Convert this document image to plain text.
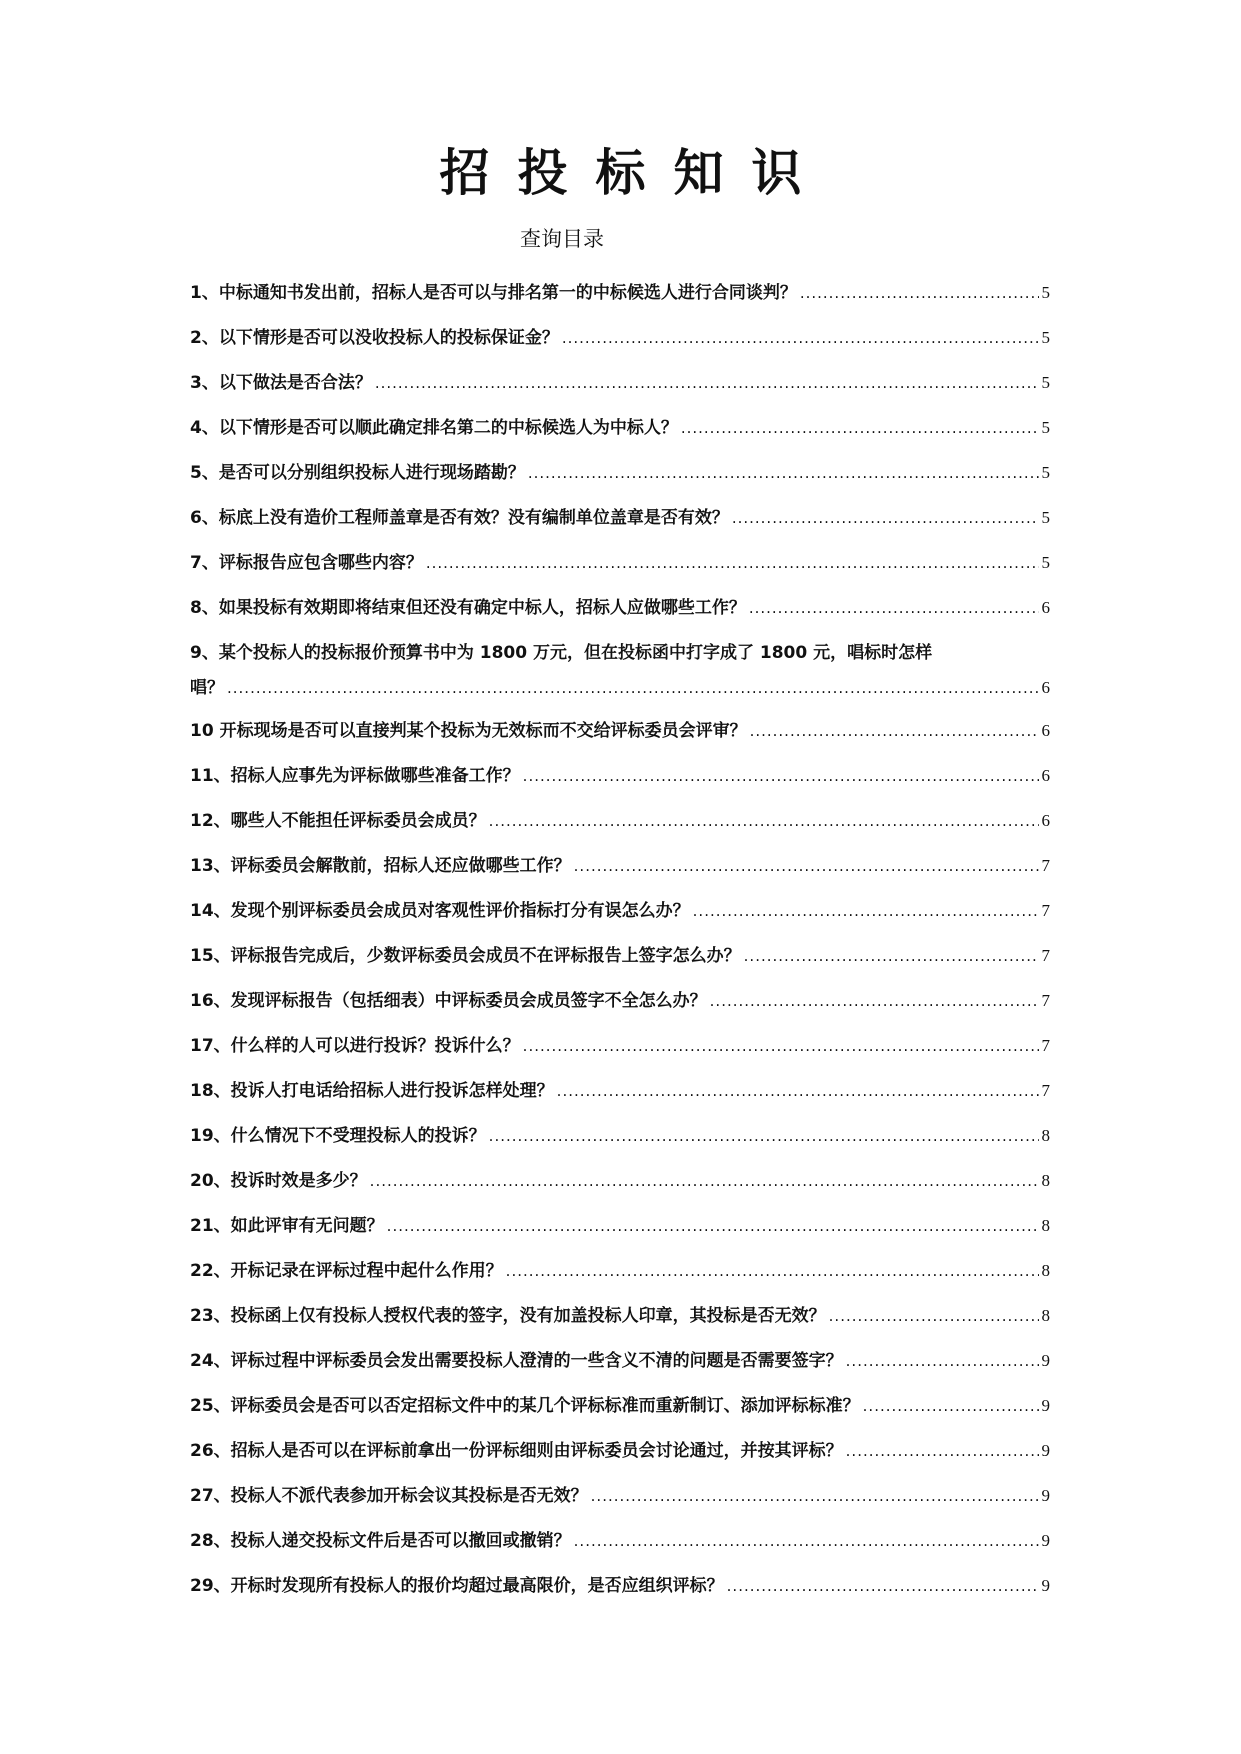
招投标知识
查询目录
1、中标通知书发出前，招标人是否可以与排名第一的中标候选人进行合同谈判？ .....	5
2、以下情形是否可以没收投标人的投标保证金？ .....	5
3、以下做法是否合法？ .....	5
4、以下情形是否可以顺此确定排名第二的中标候选人为中标人？ .....	5
5、是否可以分别组织投标人进行现场踏勘？ .....	5
6、标底上没有造价工程师盖章是否有效？没有编制单位盖章是否有效？ .....	5
7、评标报告应包含哪些内容？ .....	5
8、如果投标有效期即将结束但还没有确定中标人，招标人应做哪些工作？ .....	6
9、某个投标人的投标报价预算书中为 1800 万元，但在投标函中打字成了 1800 元，唱标时怎样
唱？ .....	6
10 开标现场是否可以直接判某个投标为无效标而不交给评标委员会评审？ .....	6
11、招标人应事先为评标做哪些准备工作？ .....	6
12、哪些人不能担任评标委员会成员？ .....	6
13、评标委员会解散前，招标人还应做哪些工作？ .....	7
14、发现个别评标委员会成员对客观性评价指标打分有误怎么办？ .....	7
15、评标报告完成后，少数评标委员会成员不在评标报告上签字怎么办？ .....	7
16、发现评标报告（包括细表）中评标委员会成员签字不全怎么办？ .....	7
17、什么样的人可以进行投诉？投诉什么？ .....	7
18、投诉人打电话给招标人进行投诉怎样处理？ .....	7
19、什么情况下不受理投标人的投诉？ .....	8
20、投诉时效是多少？ .....	8
21、如此评审有无问题？ .....	8
22、开标记录在评标过程中起什么作用？ .....	8
23、投标函上仅有投标人授权代表的签字，没有加盖投标人印章，其投标是否无效？ .....	8
24、评标过程中评标委员会发出需要投标人澄清的一些含义不清的问题是否需要签字？ .....	9
25、评标委员会是否可以否定招标文件中的某几个评标标准而重新制订、添加评标标准？ .....	9
26、招标人是否可以在评标前拿出一份评标细则由评标委员会讨论通过，并按其评标？ .....	9
27、投标人不派代表参加开标会议其投标是否无效？ .....	9
28、投标人递交投标文件后是否可以撤回或撤销？ .....	9
29、开标时发现所有投标人的报价均超过最高限价，是否应组织评标？ .....	9
